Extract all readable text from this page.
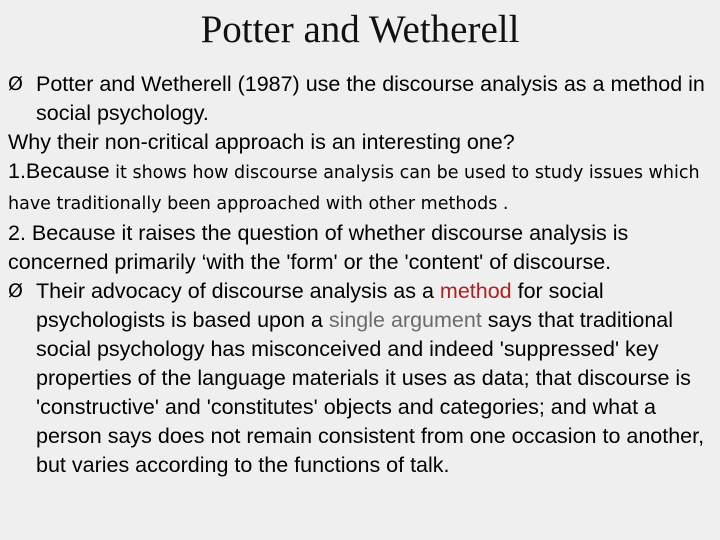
Potter and Wetherell

Ø Potter and Wetherell (1987) use the discourse analysis as a method in social psychology.

Why their non-critical approach is an interesting one?

1.Because it shows how discourse analysis can be used to study issues which have traditionally been approached with other methods .

2. Because it raises the question of whether discourse analysis is concerned primarily ‘with the 'form' or the 'content' of discourse.

Ø Their advocacy of discourse analysis as a method for social psychologists is based upon a single argument says that traditional social psychology has misconceived and indeed 'suppressed' key properties of the language materials it uses as data; that discourse is 'constructive' and 'constitutes' objects and categories; and what a person says does not remain consistent from one occasion to another, but varies according to the functions of talk.
